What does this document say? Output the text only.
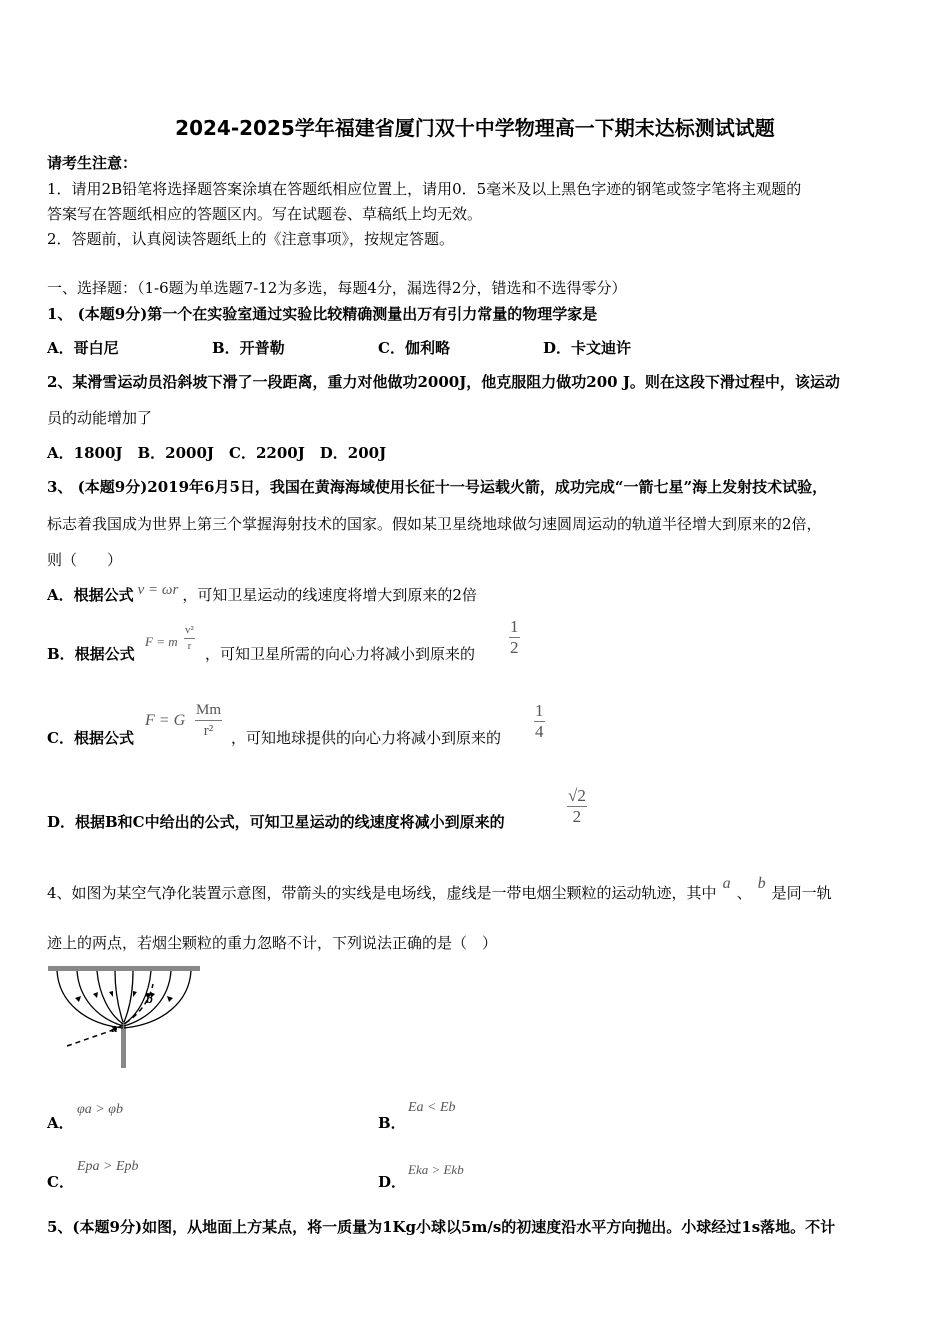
2024-2025学年福建省厦门双十中学物理高一下期末达标测试试题
请考生注意：
1．请用2B铅笔将选择题答案涂填在答题纸相应位置上，请用0．5毫米及以上黑色字迹的钢笔或签字笔将主观题的
答案写在答题纸相应的答题区内。写在试题卷、草稿纸上均无效。
2．答题前，认真阅读答题纸上的《注意事项》，按规定答题。
一、选择题：（1-6题为单选题7-12为多选，每题4分，漏选得2分，错选和不选得零分）
1、 (本题9分)第一个在实验室通过实验比较精确测量出万有引力常量的物理学家是
A．哥白尼	B．开普勒	C．伽利略	D．卡文迪许
2、某滑雪运动员沿斜坡下滑了一段距离，重力对他做功2000J，他克服阻力做功200 J。则在这段下滑过程中，该运动
员的动能增加了
A．1800J　B．2000J　C．2200J　D．200J
3、 (本题9分)2019年6月5日，我国在黄海海域使用长征十一号运载火箭，成功完成“一箭七星”海上发射技术试验，
标志着我国成为世界上第三个掌握海射技术的国家。假如某卫星绕地球做匀速圆周运动的轨道半径增大到原来的2倍，
则（　　）
A．根据公式 v = ωr ，可知卫星运动的线速度将增大到原来的2倍
B．根据公式
F = m $\frac{\text{v²}}{r}$ ，可知卫星所需的向心力将减小到原来的 $\frac{1}{2}$
C．根据公式
F = G $\frac{Mm}{\text{r²}}$ ，可知地球提供的向心力将减小到原来的 $\frac{1}{4}$
D．根据B和C中给出的公式，可知卫星运动的线速度将减小到原来的	$\frac{√2}{2}$
4、如图为某空气净化装置示意图，带箭头的实线是电场线，虚线是一带电烟尘颗粒的运动轨迹，其中a、b是同一轨
迹上的两点，若烟尘颗粒的重力忽略不计，下列说法正确的是（　）
b
a
A．
φa > φb
B．
Ea < Eb
C．
Epa > Epb
D．
Eka > Ekb
5、(本题9分)如图，从地面上方某点，将一质量为1Kg小球以5m/s的初速度沿水平方向抛出。小球经过1s落地。不计
